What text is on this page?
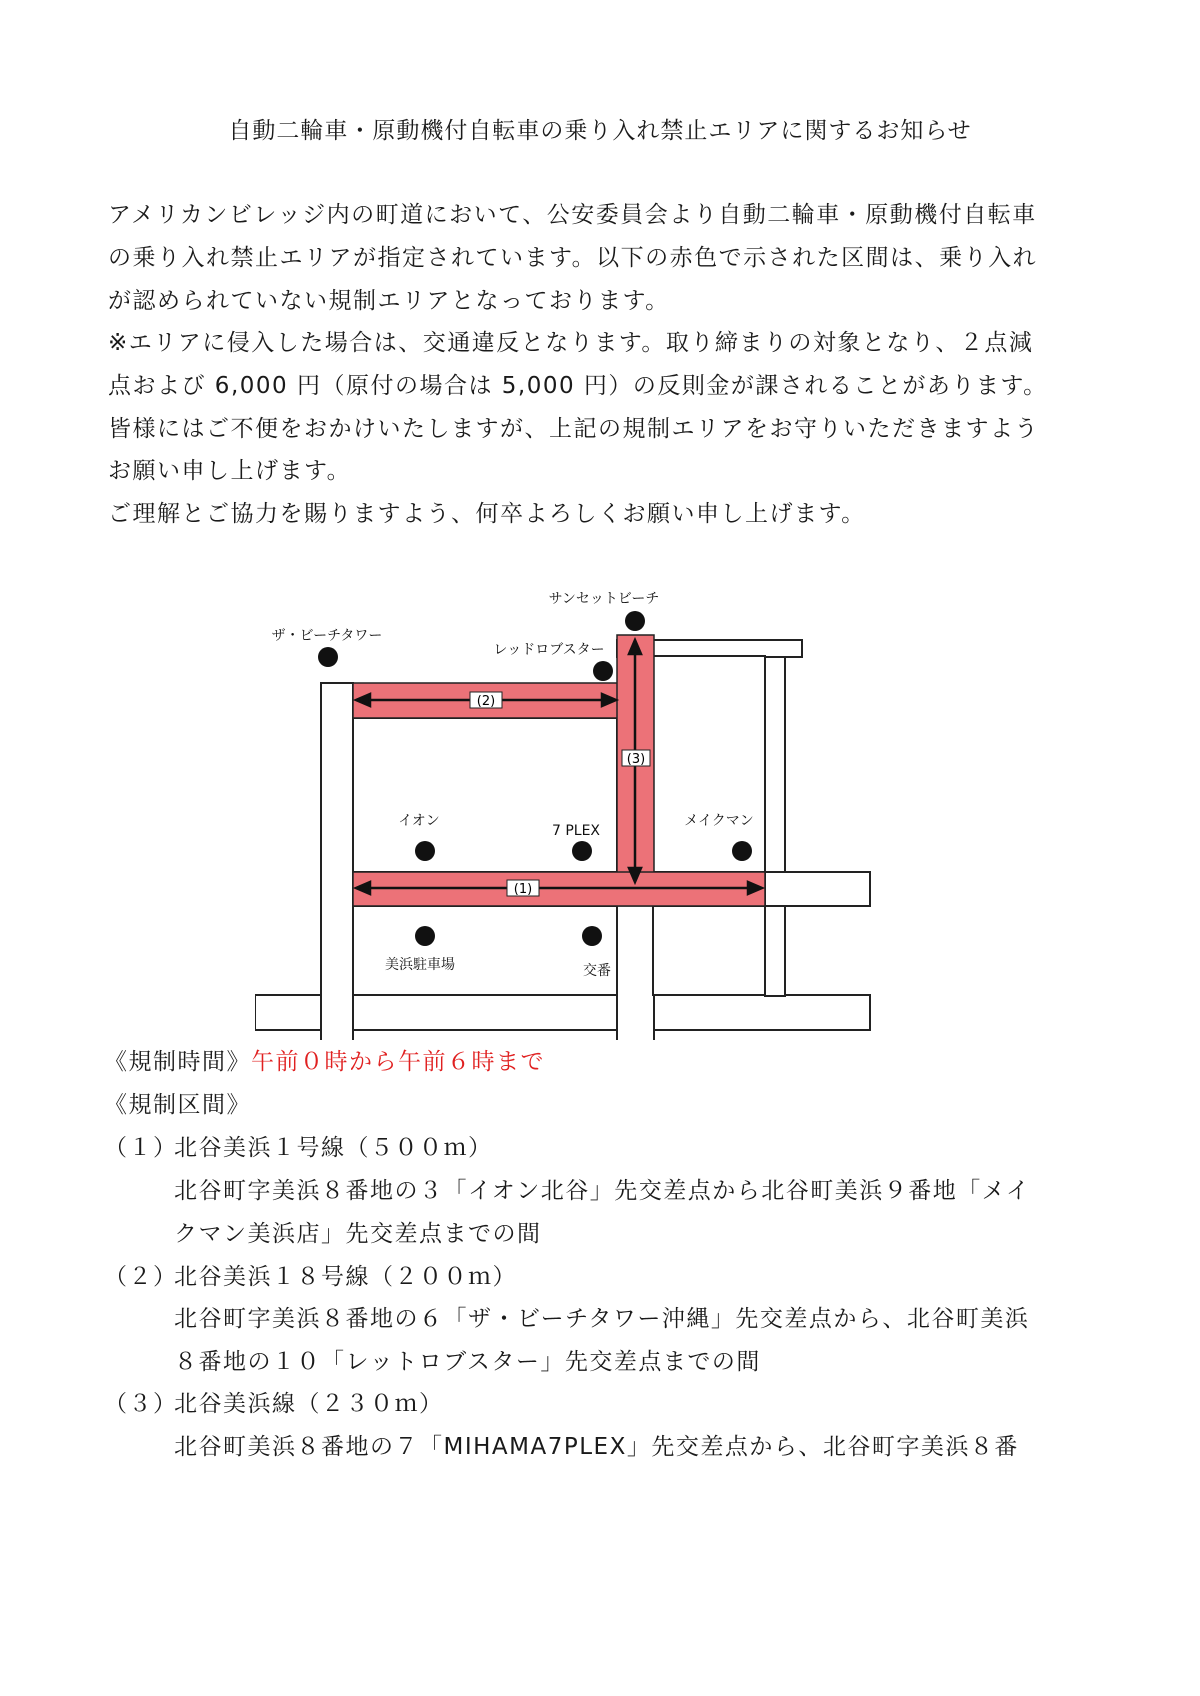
自動二輪車・原動機付自転車の乗り入れ禁止エリアに関するお知らせ
アメリカンビレッジ内の町道において、公安委員会より自動二輪車・原動機付自転車
の乗り入れ禁止エリアが指定されています。以下の赤色で示された区間は、乗り入れ
が認められていない規制エリアとなっております。
※エリアに侵入した場合は、交通違反となります。取り締まりの対象となり、２点減
点および 6,000 円（原付の場合は 5,000 円）の反則金が課されることがあります。
皆様にはご不便をおかけいたしますが、上記の規制エリアをお守りいただきますよう
お願い申し上げます。
ご理解とご協力を賜りますよう、何卒よろしくお願い申し上げます。
(2)
(1)
(3)
サンセットビーチ
ザ・ビーチタワー
レッドロブスター
イオン
7 PLEX
メイクマン
美浜駐車場	交番
《規制時間》午前０時から午前６時まで
《規制区間》
（１）
北谷美浜１号線（５００ｍ）
北谷町字美浜８番地の３「イオン北谷」先交差点から北谷町美浜９番地「メイ
クマン美浜店」先交差点までの間
（２）
北谷美浜１８号線（２００ｍ）
北谷町字美浜８番地の６「ザ・ビーチタワー沖縄」先交差点から、北谷町美浜
８番地の１０「レットロブスター」先交差点までの間
（３）
北谷美浜線（２３０ｍ）
北谷町美浜８番地の７「MIHAMA7PLEX」先交差点から、北谷町字美浜８番
